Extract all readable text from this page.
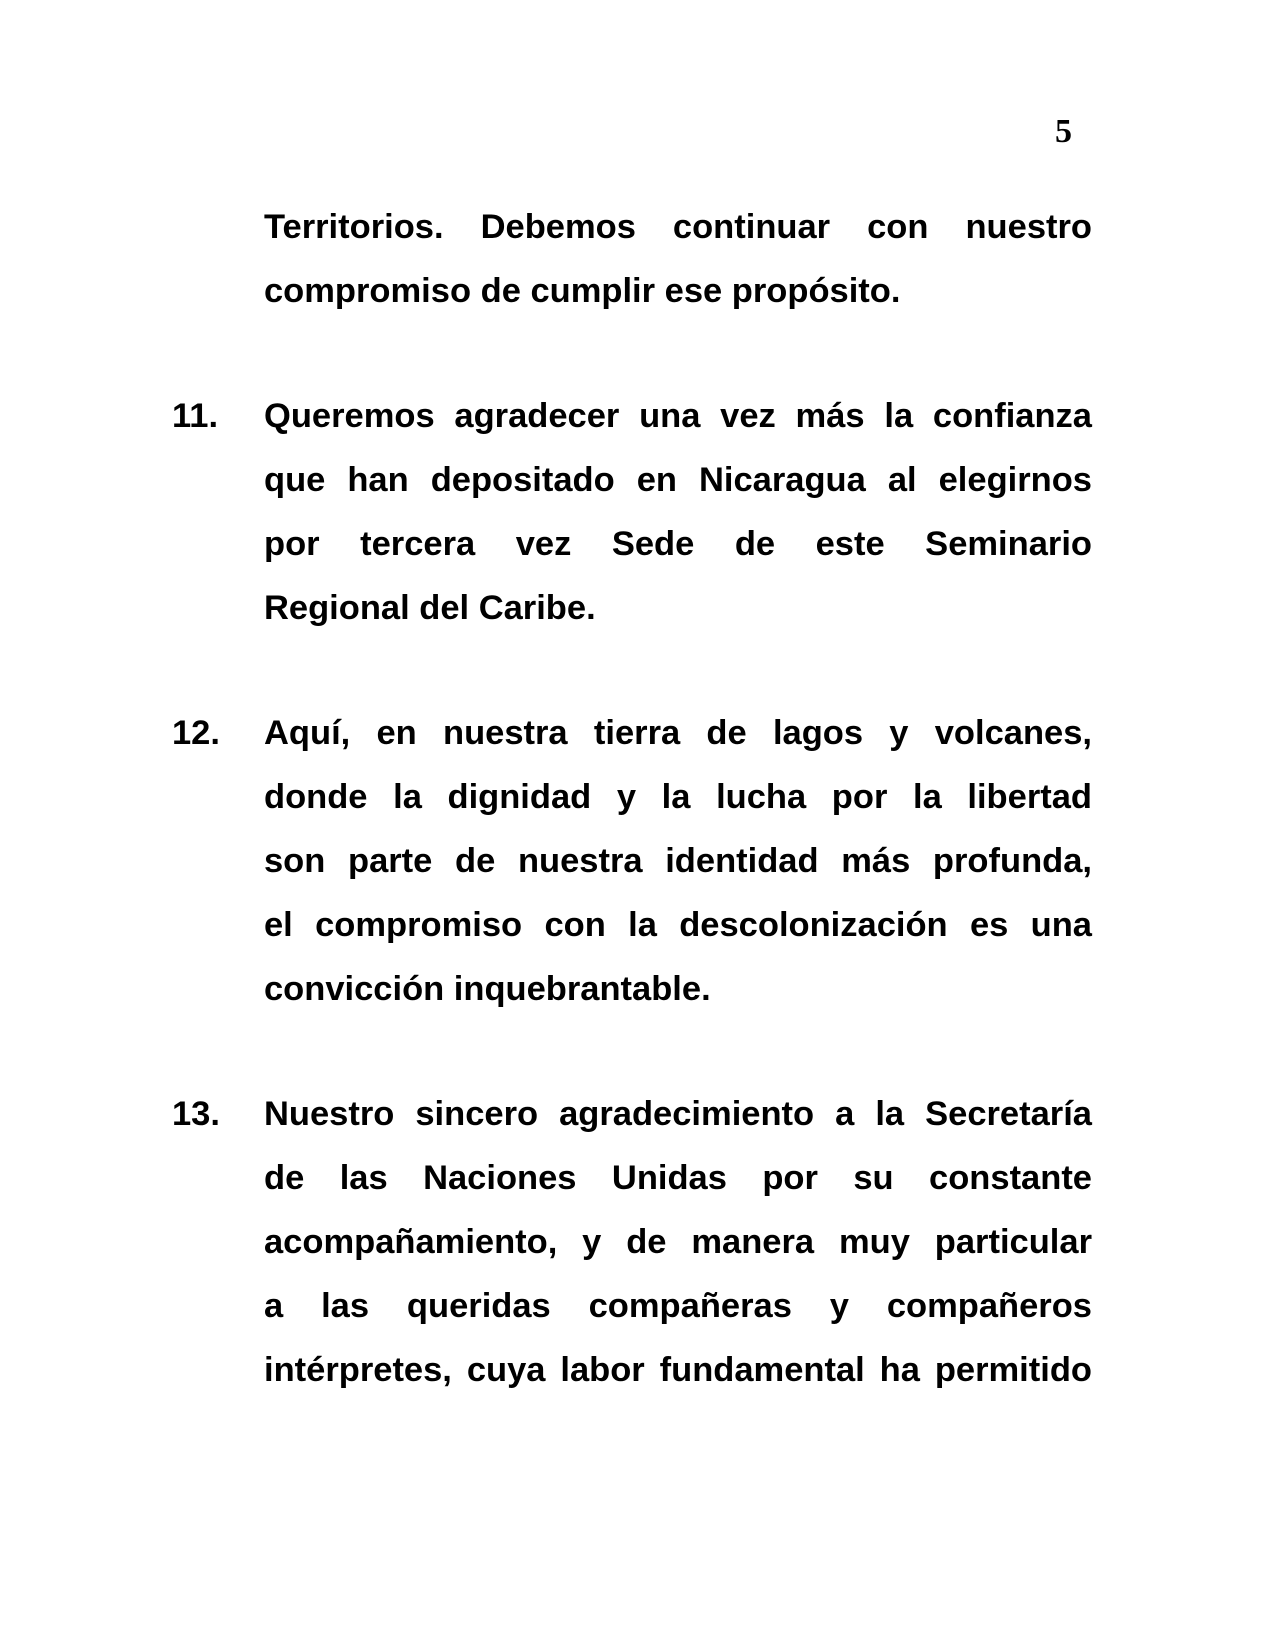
5
Territorios. Debemos continuar con nuestro
compromiso de cumplir ese propósito.
11. Queremos agradecer una vez más la confianza
que han depositado en Nicaragua al elegirnos
por tercera vez Sede de este Seminario
Regional del Caribe.
12. Aquí, en nuestra tierra de lagos y volcanes,
donde la dignidad y la lucha por la libertad
son parte de nuestra identidad más profunda,
el compromiso con la descolonización es una
convicción inquebrantable.
13. Nuestro sincero agradecimiento a la Secretaría
de las Naciones Unidas por su constante
acompañamiento, y de manera muy particular
a las queridas compañeras y compañeros
intérpretes, cuya labor fundamental ha permitido
